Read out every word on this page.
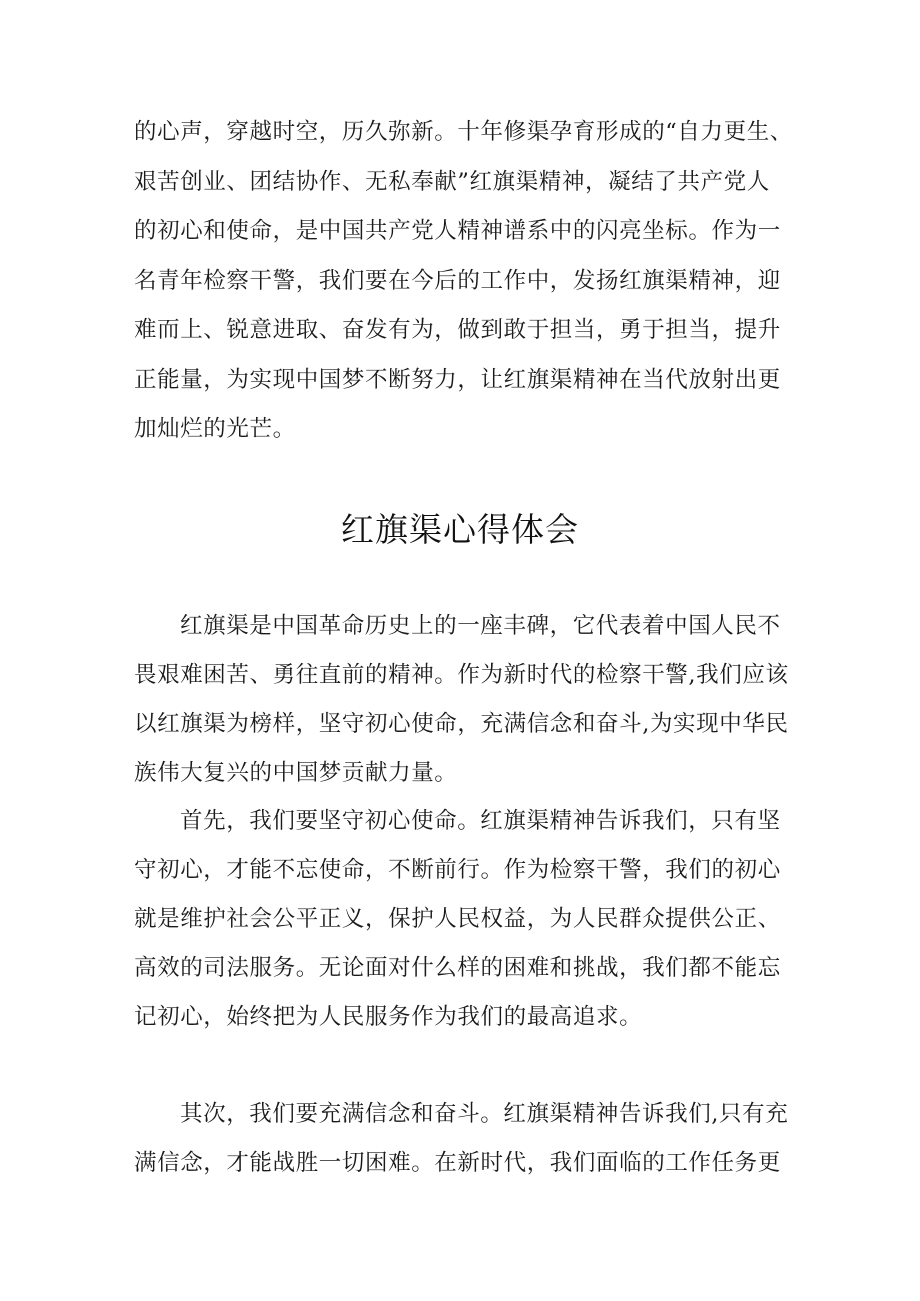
的心声，穿越时空，历久弥新。十年修渠孕育形成的“自力更生、
艰苦创业、团结协作、无私奉献”红旗渠精神，凝结了共产党人
的初心和使命，是中国共产党人精神谱系中的闪亮坐标。作为一
名青年检察干警，我们要在今后的工作中，发扬红旗渠精神，迎
难而上、锐意进取、奋发有为，做到敢于担当，勇于担当，提升
正能量，为实现中国梦不断努力，让红旗渠精神在当代放射出更
加灿烂的光芒。
红旗渠心得体会
红旗渠是中国革命历史上的一座丰碑，它代表着中国人民不
畏艰难困苦、勇往直前的精神。作为新时代的检察干警,我们应该
以红旗渠为榜样，坚守初心使命，充满信念和奋斗,为实现中华民
族伟大复兴的中国梦贡献力量。
首先，我们要坚守初心使命。红旗渠精神告诉我们，只有坚
守初心，才能不忘使命，不断前行。作为检察干警，我们的初心
就是维护社会公平正义，保护人民权益，为人民群众提供公正、
高效的司法服务。无论面对什么样的困难和挑战，我们都不能忘
记初心，始终把为人民服务作为我们的最高追求。
其次，我们要充满信念和奋斗。红旗渠精神告诉我们,只有充
满信念，才能战胜一切困难。在新时代，我们面临的工作任务更
